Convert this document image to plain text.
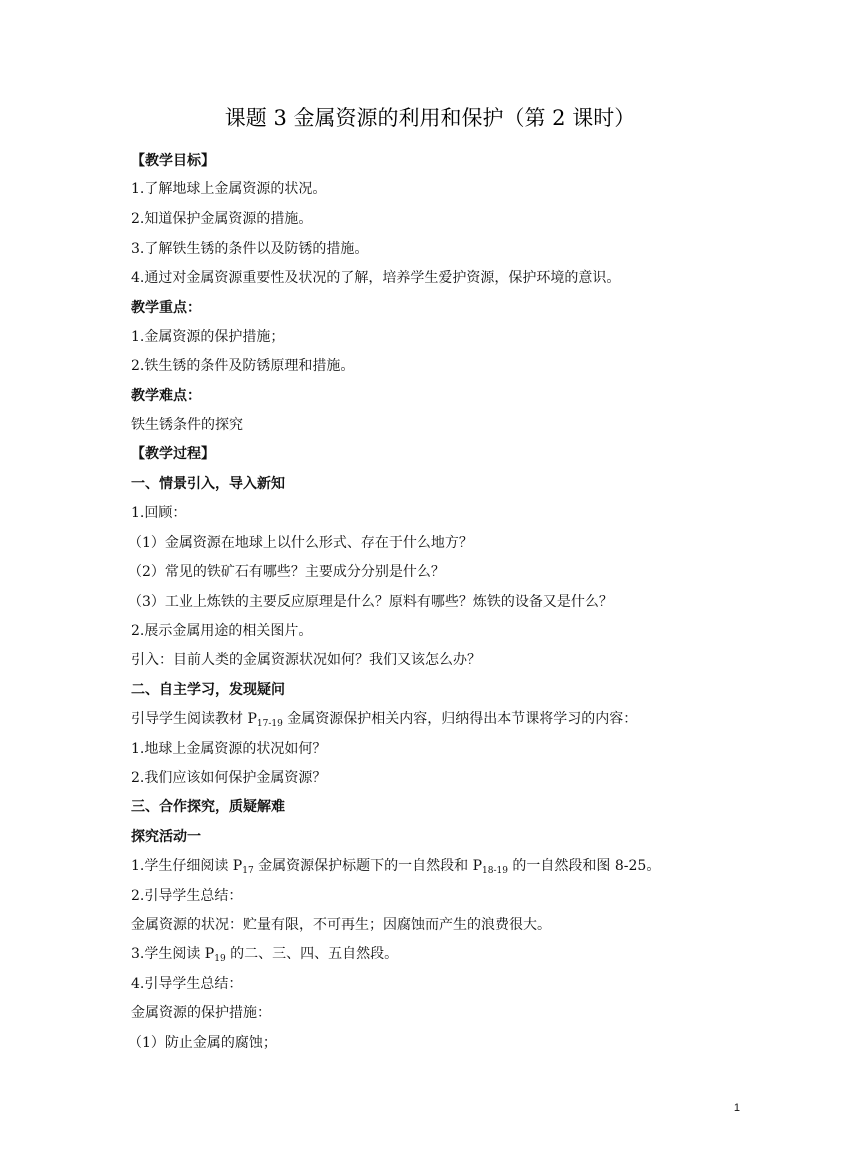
课题 3 金属资源的利用和保护（第 2 课时）
【教学目标】
1.了解地球上金属资源的状况。
2.知道保护金属资源的措施。
3.了解铁生锈的条件以及防锈的措施。
4.通过对金属资源重要性及状况的了解，培养学生爱护资源，保护环境的意识。
教学重点：
1.金属资源的保护措施；
2.铁生锈的条件及防锈原理和措施。
教学难点：
铁生锈条件的探究
【教学过程】
一、情景引入，导入新知
1.回顾：
（1）金属资源在地球上以什么形式、存在于什么地方？
（2）常见的铁矿石有哪些？主要成分分别是什么？
（3）工业上炼铁的主要反应原理是什么？原料有哪些？炼铁的设备又是什么？
2.展示金属用途的相关图片。
引入：目前人类的金属资源状况如何？我们又该怎么办？
二、自主学习，发现疑问
引导学生阅读教材 $P_{17-19}$ 金属资源保护相关内容，归纳得出本节课将学习的内容：
1.地球上金属资源的状况如何？
2.我们应该如何保护金属资源？
三、合作探究，质疑解难
探究活动一
1.学生仔细阅读 $P_{17}$ 金属资源保护标题下的一自然段和 $P_{18-19}$ 的一自然段和图 8-25。
2.引导学生总结：
金属资源的状况：贮量有限，不可再生；因腐蚀而产生的浪费很大。
3.学生阅读 $P_{19}$ 的二、三、四、五自然段。
4.引导学生总结：
金属资源的保护措施：
（1）防止金属的腐蚀；
1
